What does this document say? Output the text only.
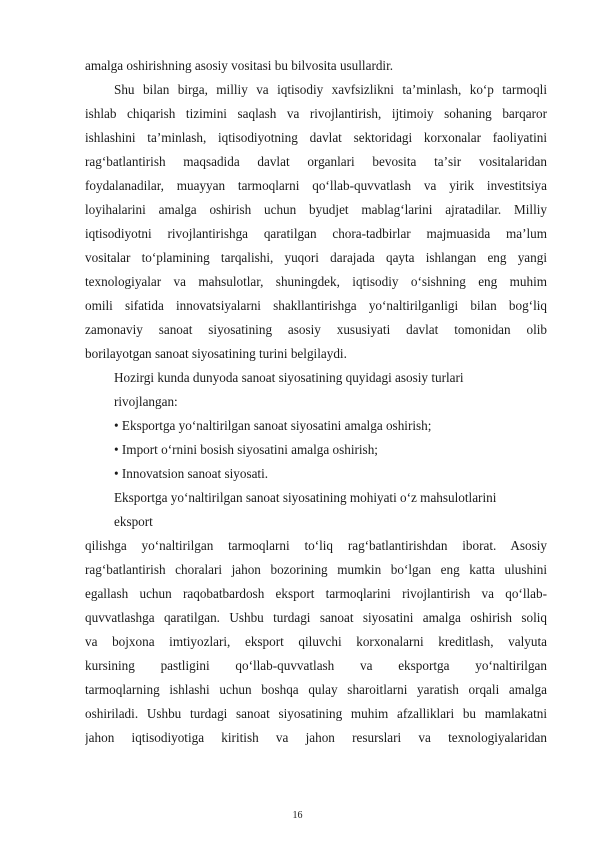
amalga oshirishning asosiy vositasi bu bilvosita usullardir.
Shu bilan birga, milliy va iqtisodiy xavfsizlikni taʼminlash, koʻp tarmoqli
ishlab chiqarish tizimini saqlash va rivojlantirish, ijtimoiy sohaning barqaror
ishlashini taʼminlash, iqtisodiyotning davlat sektoridagi korxonalar faoliyatini
ragʻbatlantirish maqsadida davlat organlari bevosita taʼsir vositalaridan
foydalanadilar, muayyan tarmoqlarni qoʻllab-quvvatlash va yirik investitsiya
loyihalarini amalga oshirish uchun byudjet mablagʻlarini ajratadilar. Milliy
iqtisodiyotni rivojlantirishga qaratilgan chora-tadbirlar majmuasida maʼlum
vositalar toʻplamining tarqalishi, yuqori darajada qayta ishlangan eng yangi
texnologiyalar va mahsulotlar, shuningdek, iqtisodiy oʻsishning eng muhim
omili sifatida innovatsiyalarni shakllantirishga yoʻnaltirilganligi bilan bogʻliq
zamonaviy sanoat siyosatining asosiy xususiyati davlat tomonidan olib
borilayotgan sanoat siyosatining turini belgilaydi.
Hozirgi kunda dunyoda sanoat siyosatining quyidagi asosiy turlari
rivojlangan:
• Eksportga yoʻnaltirilgan sanoat siyosatini amalga oshirish;
• Import oʻrnini bosish siyosatini amalga oshirish;
• Innovatsion sanoat siyosati.
Eksportga yoʻnaltirilgan sanoat siyosatining mohiyati oʻz mahsulotlarini
eksport
qilishga yoʻnaltirilgan tarmoqlarni toʻliq ragʻbatlantirishdan iborat. Asosiy
ragʻbatlantirish choralari jahon bozorining mumkin boʻlgan eng katta ulushini
egallash uchun raqobatbardosh eksport tarmoqlarini rivojlantirish va qoʻllab-
quvvatlashga qaratilgan. Ushbu turdagi sanoat siyosatini amalga oshirish soliq
va bojxona imtiyozlari, eksport qiluvchi korxonalarni kreditlash, valyuta
kursining pastligini qoʻllab-quvvatlash va eksportga yoʻnaltirilgan
tarmoqlarning ishlashi uchun boshqa qulay sharoitlarni yaratish orqali amalga
oshiriladi. Ushbu turdagi sanoat siyosatining muhim afzalliklari bu mamlakatni
jahon iqtisodiyotiga kiritish va jahon resurslari va texnologiyalaridan
16
